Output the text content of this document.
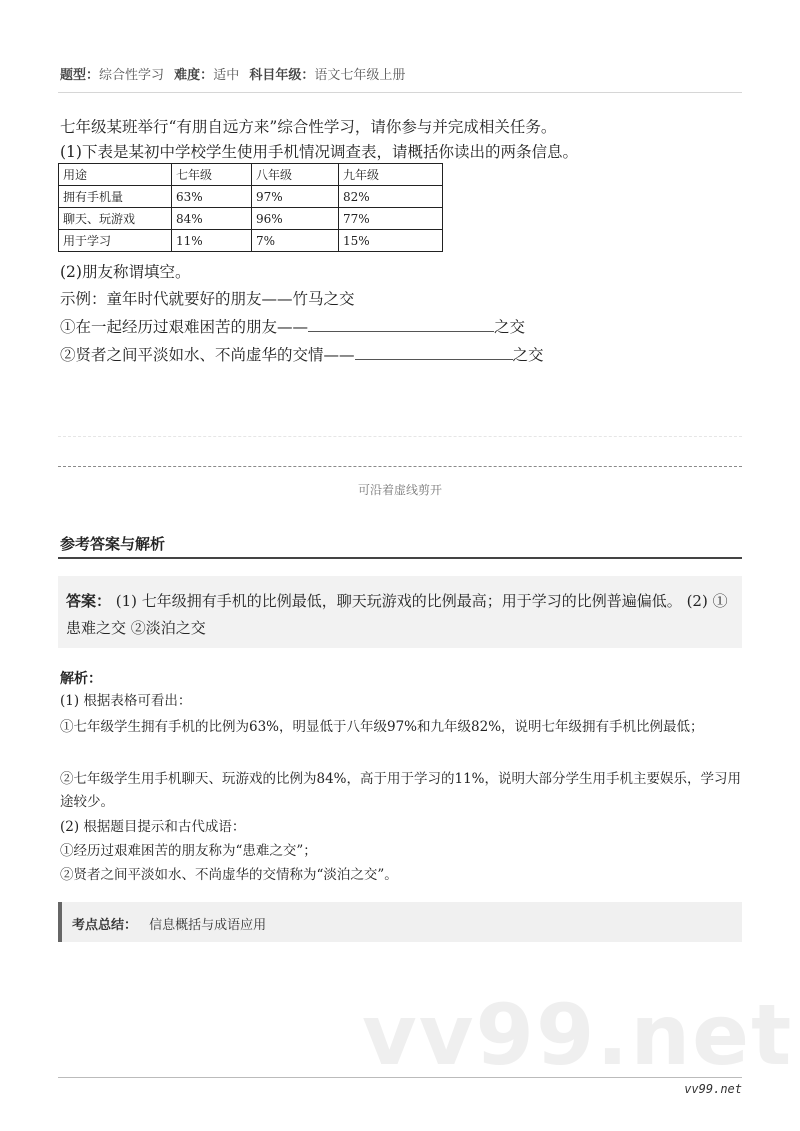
题型：综合性学习 难度：适中 科目年级：语文七年级上册
七年级某班举行“有朋自远方来”综合性学习，请你参与并完成相关任务。
(1)下表是某初中学校学生使用手机情况调查表，请概括你读出的两条信息。
用途	七年级	八年级	九年级
拥有手机量	63%	97%	82%
聊天、玩游戏	84%	96%	77%
用于学习	11%	7%	15%
(2)朋友称谓填空。
示例：童年时代就要好的朋友——竹马之交
①在一起经历过艰难困苦的朋友——	之交
②贤者之间平淡如水、不尚虚华的交情——	之交
可沿着虚线剪开
参考答案与解析
答案： (1) 七年级拥有手机的比例最低，聊天玩游戏的比例最高；用于学习的比例普遍偏低。 (2) ①患难之交 ②淡泊之交
解析：
(1) 根据表格可看出：
①七年级学生拥有手机的比例为63%，明显低于八年级97%和九年级82%，说明七年级拥有手机比例最低；
②七年级学生用手机聊天、玩游戏的比例为84%，高于用于学习的11%，说明大部分学生用手机主要娱乐，学习用途较少。
(2) 根据题目提示和古代成语：
①经历过艰难困苦的朋友称为“患难之交”；
②贤者之间平淡如水、不尚虚华的交情称为“淡泊之交”。
考点总结： 信息概括与成语应用
vv99.net
vv99.net
